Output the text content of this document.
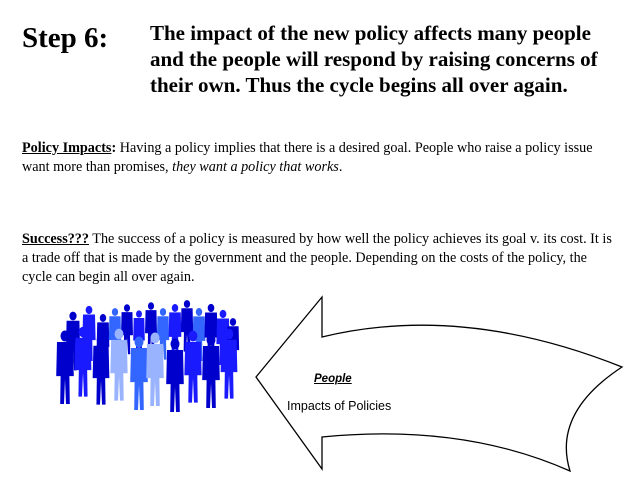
Step 6: The impact of the new policy affects many people and the people will respond by raising concerns of their own. Thus the cycle begins all over again.
Policy Impacts: Having a policy implies that there is a desired goal. People who raise a policy issue want more than promises, they want a policy that works.
Success??? The success of a policy is measured by how well the policy achieves its goal v. its cost. It is a trade off that is made by the government and the people. Depending on the costs of the policy, the cycle can begin all over again.
People
Impacts of Policies
